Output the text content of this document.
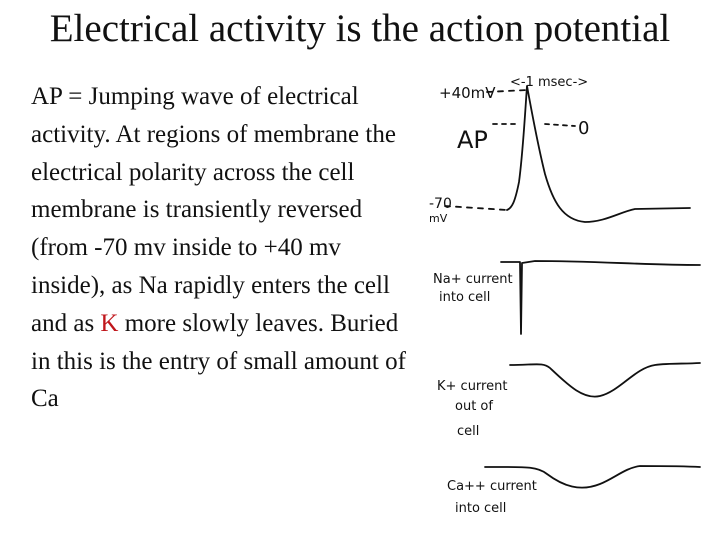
Electrical activity is the action potential

AP = Jumping wave of electrical activity. At regions of membrane the electrical polarity across the cell membrane is transiently reversed (from -70 mv inside to +40 mv inside), as Na rapidly enters the cell and as K more slowly leaves. Buried in this is the entry of small amount of Ca

+40mV
<-1 msec->
0
AP
-70
mV
Na+ current
into cell
K+ current
out of
cell
Ca++ current
into cell
